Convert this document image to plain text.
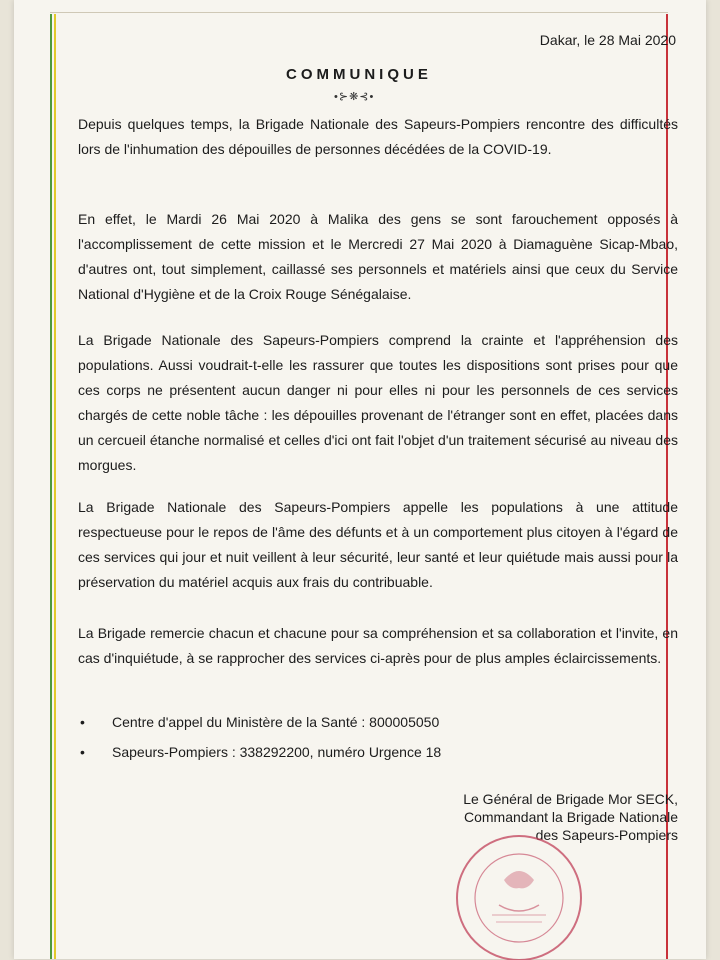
Dakar, le 28 Mai 2020
COMMUNIQUE
•⊱❋⊰•

Depuis quelques temps, la Brigade Nationale des Sapeurs-Pompiers rencontre des difficultés lors de l'inhumation des dépouilles de personnes décédées de la COVID-19.

En effet, le Mardi 26 Mai 2020 à Malika des gens se sont farouchement opposés à l'accomplissement de cette mission et le Mercredi 27 Mai 2020 à Diamaguène Sicap-Mbao, d'autres ont, tout simplement, caillassé ses personnels et matériels ainsi que ceux du Service National d'Hygiène et de la Croix Rouge Sénégalaise.

La Brigade Nationale des Sapeurs-Pompiers comprend la crainte et l'appréhension des populations. Aussi voudrait-t-elle les rassurer que toutes les dispositions sont prises pour que ces corps ne présentent aucun danger ni pour elles ni pour les personnels de ces services chargés de cette noble tâche : les dépouilles provenant de l'étranger sont en effet, placées dans un cercueil étanche normalisé et celles d'ici ont fait l'objet d'un traitement sécurisé au niveau des morgues.

La Brigade Nationale des Sapeurs-Pompiers appelle les populations à une attitude respectueuse pour le repos de l'âme des défunts et à un comportement plus citoyen à l'égard de ces services qui jour et nuit veillent à leur sécurité, leur santé et leur quiétude mais aussi pour la préservation du matériel acquis aux frais du contribuable.

La Brigade remercie chacun et chacune pour sa compréhension et sa collaboration et l'invite, en cas d'inquiétude, à se rapprocher des services ci-après pour de plus amples éclaircissements.

• Centre d'appel du Ministère de la Santé : 800005050
• Sapeurs-Pompiers : 338292200, numéro Urgence 18
Le Général de Brigade Mor SECK,
Commandant la Brigade Nationale
des Sapeurs-Pompiers
